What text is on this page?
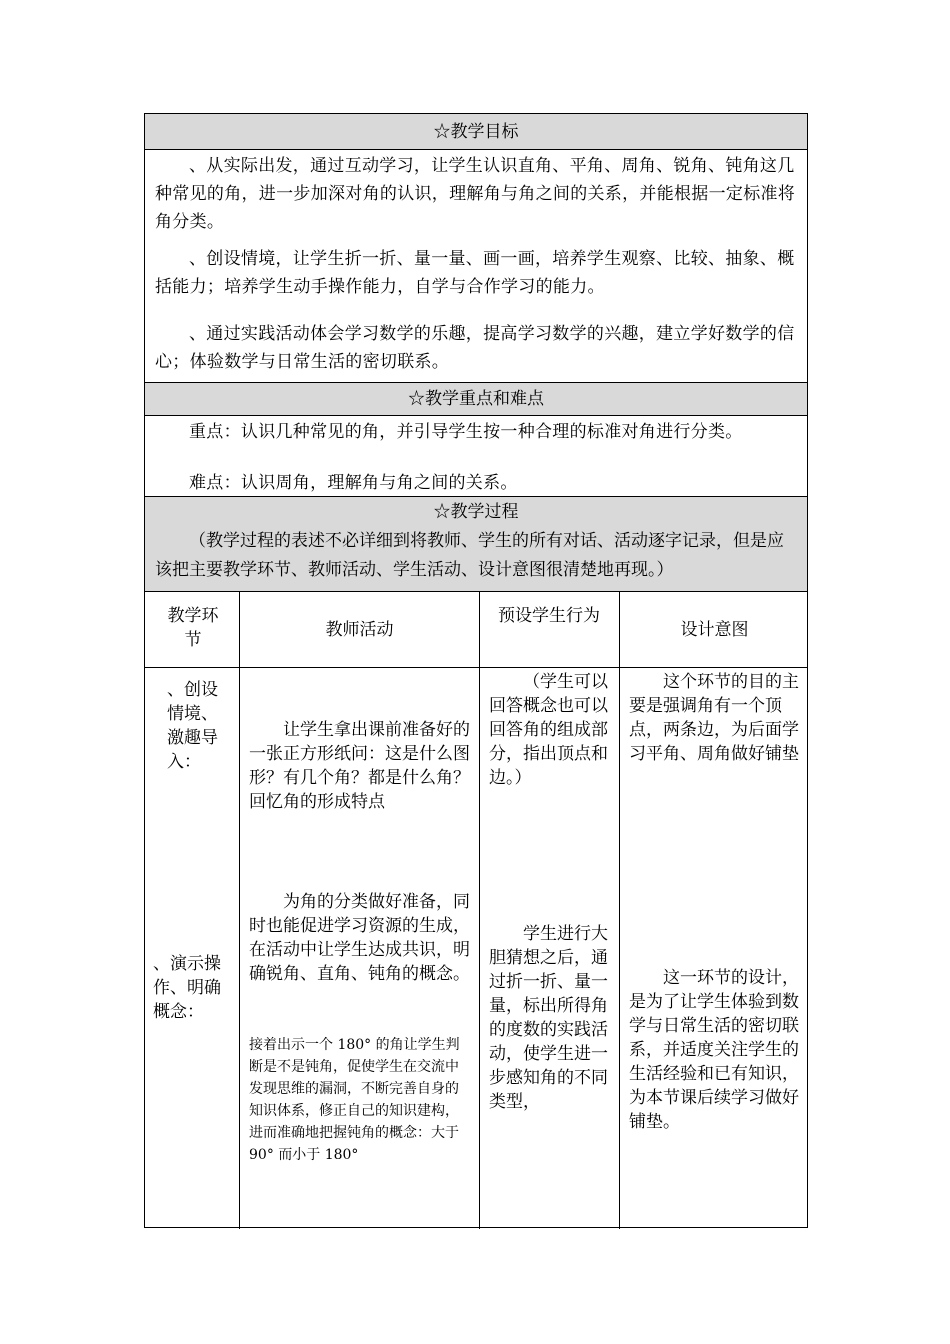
☆教学目标
、从实际出发，通过互动学习，让学生认识直角、平角、周角、锐角、钝角这几种常见的角，进一步加深对角的认识，理解角与角之间的关系，并能根据一定标准将角分类。
、创设情境，让学生折一折、量一量、画一画，培养学生观察、比较、抽象、概括能力；培养学生动手操作能力，自学与合作学习的能力。
、通过实践活动体会学习数学的乐趣，提高学习数学的兴趣，建立学好数学的信心；体验数学与日常生活的密切联系。
☆教学重点和难点
重点：认识几种常见的角，并引导学生按一种合理的标准对角进行分类。
难点：认识周角，理解角与角之间的关系。
☆教学过程
（教学过程的表述不必详细到将教师、学生的所有对话、活动逐字记录，但是应该把主要教学环节、教师活动、学生活动、设计意图很清楚地再现。）
教学环节	教师活动
预设学生行为
设计意图
、创设情境、激趣导入：
让学生拿出课前准备好的一张正方形纸问：这是什么图形？有几个角？都是什么角？回忆角的形成特点
（学生可以回答概念也可以回答角的组成部分，指出顶点和边。）
这个环节的目的主要是强调角有一个顶点，两条边，为后面学习平角、周角做好铺垫
、演示操作、明确概念：
为角的分类做好准备，同时也能促进学习资源的生成，在活动中让学生达成共识，明确锐角、直角、钝角的概念。
接着出示一个 180° 的角让学生判断是不是钝角，促使学生在交流中发现思维的漏洞，不断完善自身的知识体系，修正自己的知识建构，进而准确地把握钝角的概念：大于 90° 而小于 180°
学生进行大胆猜想之后，通过折一折、量一量，标出所得角的度数的实践活动，使学生进一步感知角的不同类型，
这一环节的设计，是为了让学生体验到数学与日常生活的密切联系，并适度关注学生的生活经验和已有知识，为本节课后续学习做好铺垫。
